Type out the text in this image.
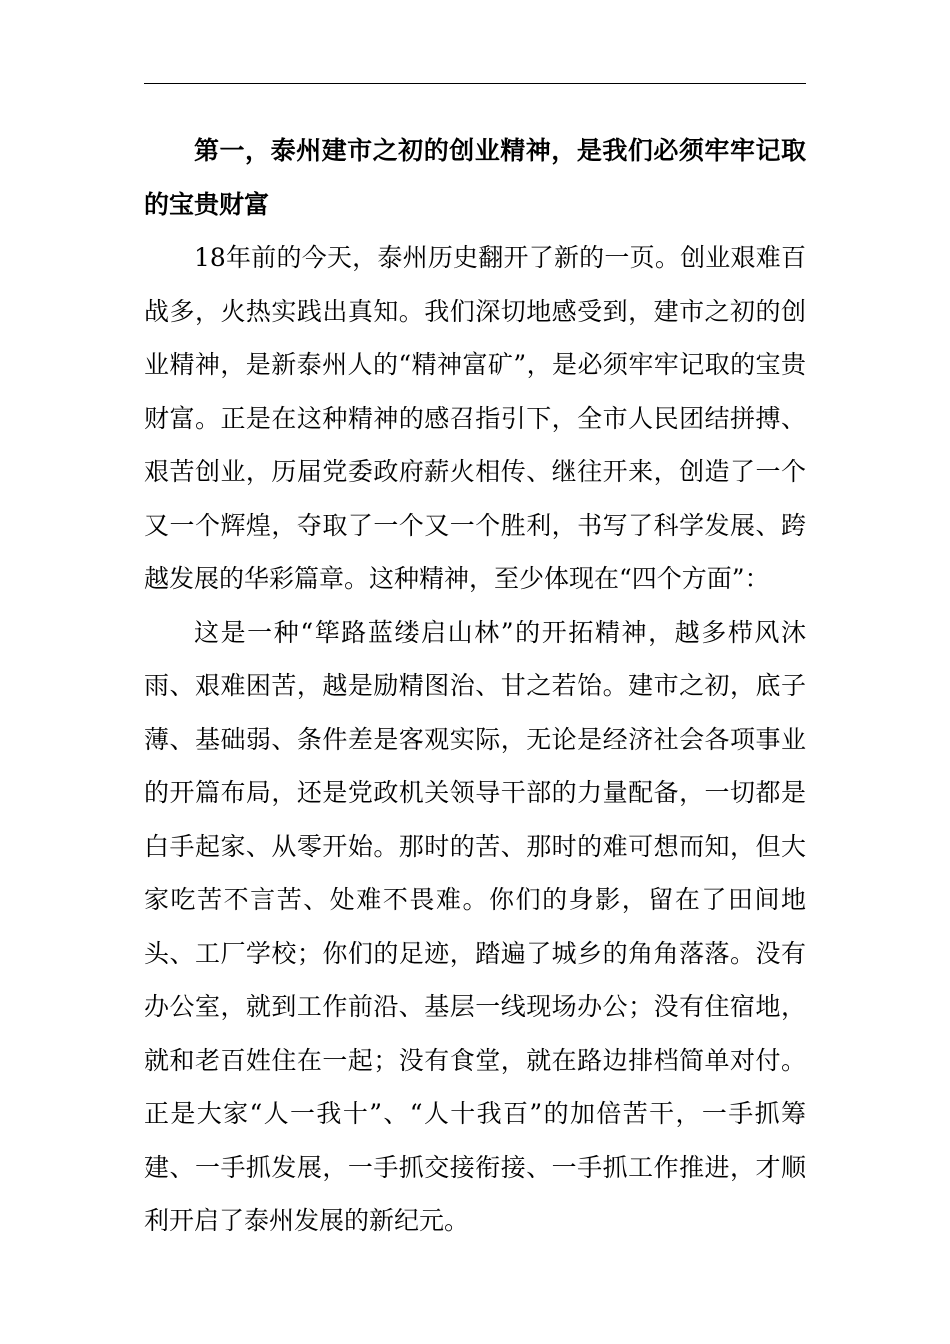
第一，泰州建市之初的创业精神，是我们必须牢牢记取的宝贵财富

18年前的今天，泰州历史翻开了新的一页。创业艰难百战多，火热实践出真知。我们深切地感受到，建市之初的创业精神，是新泰州人的“精神富矿”，是必须牢牢记取的宝贵财富。正是在这种精神的感召指引下，全市人民团结拼搏、艰苦创业，历届党委政府薪火相传、继往开来，创造了一个又一个辉煌，夺取了一个又一个胜利，书写了科学发展、跨越发展的华彩篇章。这种精神，至少体现在“四个方面”：

这是一种“筚路蓝缕启山林”的开拓精神，越多栉风沐雨、艰难困苦，越是励精图治、甘之若饴。建市之初，底子薄、基础弱、条件差是客观实际，无论是经济社会各项事业的开篇布局，还是党政机关领导干部的力量配备，一切都是白手起家、从零开始。那时的苦、那时的难可想而知，但大家吃苦不言苦、处难不畏难。你们的身影，留在了田间地头、工厂学校；你们的足迹，踏遍了城乡的角角落落。没有办公室，就到工作前沿、基层一线现场办公；没有住宿地，就和老百姓住在一起；没有食堂，就在路边排档简单对付。正是大家“人一我十”、“人十我百”的加倍苦干，一手抓筹建、一手抓发展，一手抓交接衔接、一手抓工作推进，才顺利开启了泰州发展的新纪元。
